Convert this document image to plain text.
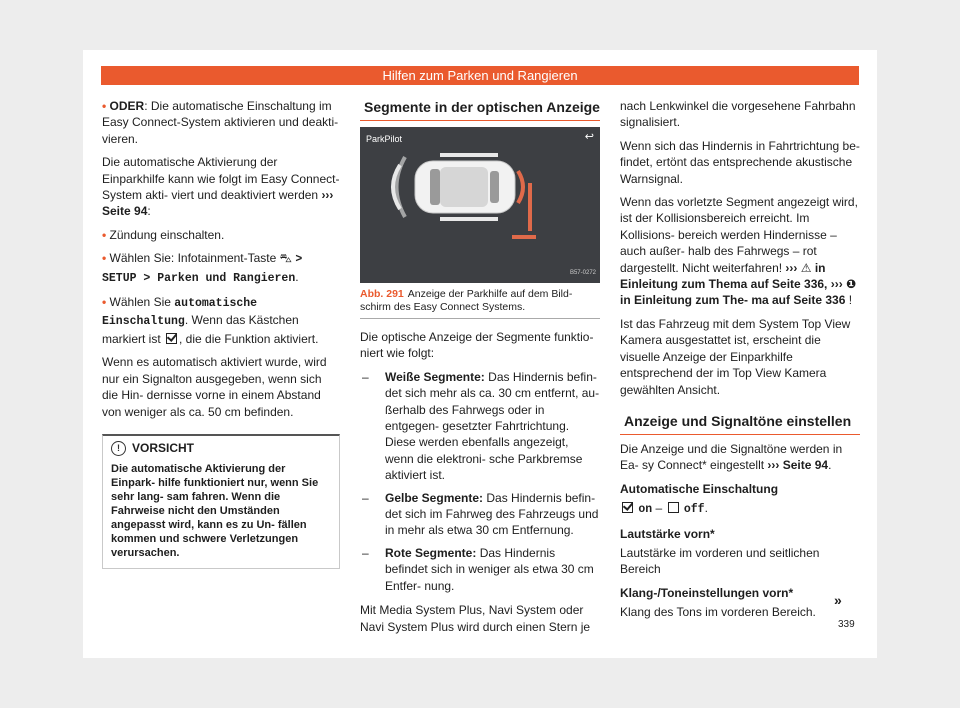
Hilfen zum Parken und Rangieren

• ODER: Die automatische Einschaltung im Easy Connect-System aktivieren und deakti- vieren.

Die automatische Aktivierung der Einparkhilfe kann wie folgt im Easy Connect-System akti- viert und deaktiviert werden ››› Seite 94:

• Zündung einschalten.

• Wählen Sie: Infotainment-Taste ⛍ > SETUP > Parken und Rangieren.

• Wählen Sie automatische Einschaltung. Wenn das Kästchen markiert ist , die die Funktion aktiviert.

Wenn es automatisch aktiviert wurde, wird nur ein Signalton ausgegeben, wenn sich die Hin- dernisse vorne in einem Abstand von weniger als ca. 50 cm befinden.

!	VORSICHT
Die automatische Aktivierung der Einpark- hilfe funktioniert nur, wenn Sie sehr lang- sam fahren. Wenn die Fahrweise nicht den Umständen angepasst wird, kann es zu Un- fällen kommen und schwere Verletzungen verursachen.
Segmente in der optischen Anzeige
ParkPilot	↩
B57-0272
Abb. 291 Anzeige der Parkhilfe auf dem Bild- schirm des Easy Connect Systems.

Die optische Anzeige der Segmente funktio- niert wie folgt:

– Weiße Segmente: Das Hindernis befin- det sich mehr als ca. 30 cm entfernt, au- ßerhalb des Fahrwegs oder in entgegen- gesetzter Fahrtrichtung. Diese werden ebenfalls angezeigt, wenn die elektroni- sche Parkbremse aktiviert ist.
– Gelbe Segmente: Das Hindernis befin- det sich im Fahrweg des Fahrzeugs und in mehr als etwa 30 cm Entfernung.
– Rote Segmente: Das Hindernis befindet sich in weniger als etwa 30 cm Entfer- nung.

Mit Media System Plus, Navi System oder Navi System Plus wird durch einen Stern je

nach Lenkwinkel die vorgesehene Fahrbahn signalisiert.

Wenn sich das Hindernis in Fahrtrichtung be- findet, ertönt das entsprechende akustische Warnsignal.

Wenn das vorletzte Segment angezeigt wird, ist der Kollisionsbereich erreicht. Im Kollisions- bereich werden Hindernisse – auch außer- halb des Fahrwegs – rot dargestellt. Nicht weiterfahren! ››› ⚠ in Einleitung zum Thema auf Seite 336, ››› ❶ in Einleitung zum The- ma auf Seite 336 !

Ist das Fahrzeug mit dem System Top View Kamera ausgestattet ist, erscheint die visuelle Anzeige der Einparkhilfe entsprechend der im Top View Kamera gewählten Ansicht.

Anzeige und Signaltöne einstellen

Die Anzeige und die Signaltöne werden in Ea- sy Connect* eingestellt ››› Seite 94.

Automatische Einschaltung

on – off.

Lautstärke vorn*

Lautstärke im vorderen und seitlichen Bereich

Klang-/Toneinstellungen vorn*

Klang des Tons im vorderen Bereich.

»
339
